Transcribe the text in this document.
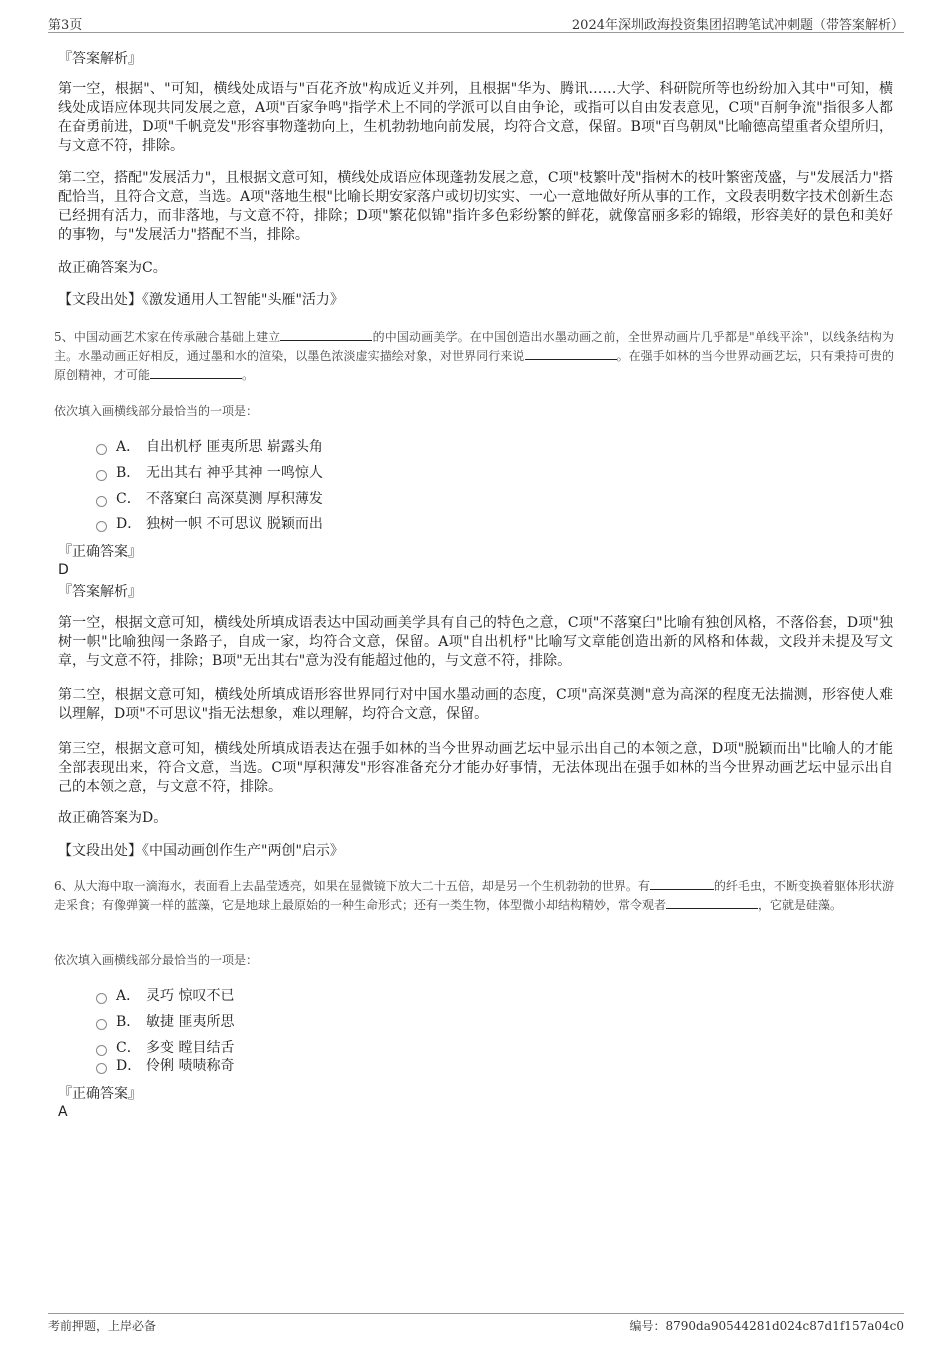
第3页	2024年深圳政海投资集团招聘笔试冲刺题（带答案解析）
『答案解析』

第一空，根据"、"可知，横线处成语与"百花齐放"构成近义并列，且根据"华为、腾讯……大学、科研院所等也纷纷加入其中"可知，横线处成语应体现共同发展之意，A项"百家争鸣"指学术上不同的学派可以自由争论，或指可以自由发表意见，C项"百舸争流"指很多人都在奋勇前进，D项"千帆竞发"形容事物蓬勃向上，生机勃勃地向前发展，均符合文意，保留。B项"百鸟朝凤"比喻德高望重者众望所归，与文意不符，排除。

第二空，搭配"发展活力"，且根据文意可知，横线处成语应体现蓬勃发展之意，C项"枝繁叶茂"指树木的枝叶繁密茂盛，与"发展活力"搭配恰当，且符合文意，当选。A项"落地生根"比喻长期安家落户或切切实实、一心一意地做好所从事的工作，文段表明数字技术创新生态已经拥有活力，而非落地，与文意不符，排除；D项"繁花似锦"指许多色彩纷繁的鲜花，就像富丽多彩的锦缎，形容美好的景色和美好的事物，与"发展活力"搭配不当，排除。

故正确答案为C。
【文段出处】《激发通用人工智能"头雁"活力》
5、中国动画艺术家在传承融合基础上建立	的中国动画美学。在中国创造出水墨动画之前，全世界动画片几乎都是"单线平涂"，以线条结构为主。水墨动画正好相反，通过墨和水的渲染，以墨色浓淡虚实描绘对象，对世界同行来说	。在强手如林的当今世界动画艺坛，只有秉持可贵的原创精神，才可能	。
依次填入画横线部分最恰当的一项是：
A． 自出机杼 匪夷所思 崭露头角
B． 无出其右 神乎其神 一鸣惊人
C． 不落窠臼 高深莫测 厚积薄发
D． 独树一帜 不可思议 脱颖而出
『正确答案』
D
『答案解析』

第一空，根据文意可知，横线处所填成语表达中国动画美学具有自己的特色之意，C项"不落窠臼"比喻有独创风格，不落俗套，D项"独树一帜"比喻独闯一条路子，自成一家，均符合文意，保留。A项"自出机杼"比喻写文章能创造出新的风格和体裁，文段并未提及写文章，与文意不符，排除；B项"无出其右"意为没有能超过他的，与文意不符，排除。

第二空，根据文意可知，横线处所填成语形容世界同行对中国水墨动画的态度，C项"高深莫测"意为高深的程度无法揣测，形容使人难以理解，D项"不可思议"指无法想象，难以理解，均符合文意，保留。

第三空，根据文意可知，横线处所填成语表达在强手如林的当今世界动画艺坛中显示出自己的本领之意，D项"脱颖而出"比喻人的才能全部表现出来，符合文意，当选。C项"厚积薄发"形容准备充分才能办好事情，无法体现出在强手如林的当今世界动画艺坛中显示出自己的本领之意，与文意不符，排除。

故正确答案为D。
【文段出处】《中国动画创作生产"两创"启示》
6、从大海中取一滴海水，表面看上去晶莹透亮，如果在显微镜下放大二十五倍，却是另一个生机勃勃的世界。有	的纤毛虫，不断变换着躯体形状游走采食；有像弹簧一样的蓝藻，它是地球上最原始的一种生命形式；还有一类生物，体型微小却结构精妙，常令观者	，它就是硅藻。
依次填入画横线部分最恰当的一项是：
A． 灵巧 惊叹不已
B． 敏捷 匪夷所思
C． 多变 瞠目结舌
D． 伶俐 啧啧称奇
『正确答案』
A
考前押题，上岸必备	编号：8790da90544281d024c87d1f157a04c0
